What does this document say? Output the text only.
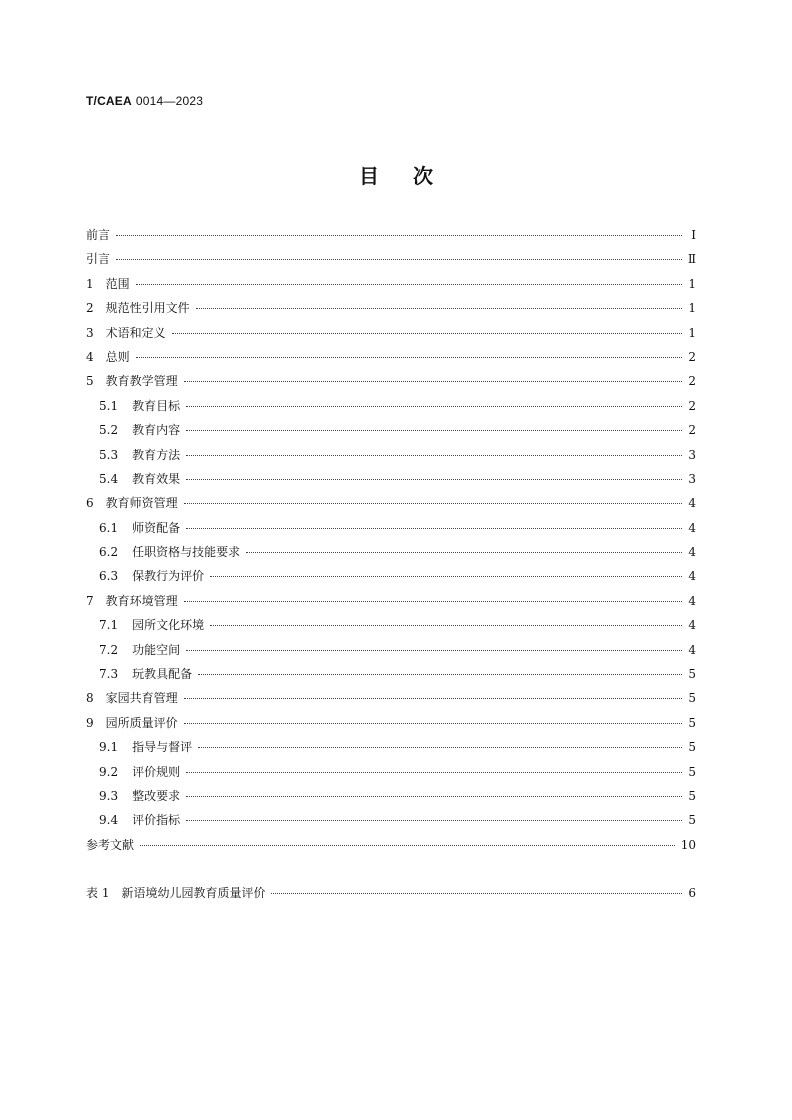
T/CAEA 0014—2023
目次
前言	Ⅰ
引言	Ⅱ
1 范围	1
2 规范性引用文件	1
3 术语和定义	1
4 总则	2
5 教育教学管理	2
5.1 教育目标	2
5.2 教育内容	2
5.3 教育方法	3
5.4 教育效果	3
6 教育师资管理	4
6.1 师资配备	4
6.2 任职资格与技能要求	4
6.3 保教行为评价	4
7 教育环境管理	4
7.1 园所文化环境	4
7.2 功能空间	4
7.3 玩教具配备	5
8 家园共育管理	5
9 园所质量评价	5
9.1 指导与督评	5
9.2 评价规则	5
9.3 整改要求	5
9.4 评价指标	5
参考文献	10
表 1 新语境幼儿园教育质量评价	6
